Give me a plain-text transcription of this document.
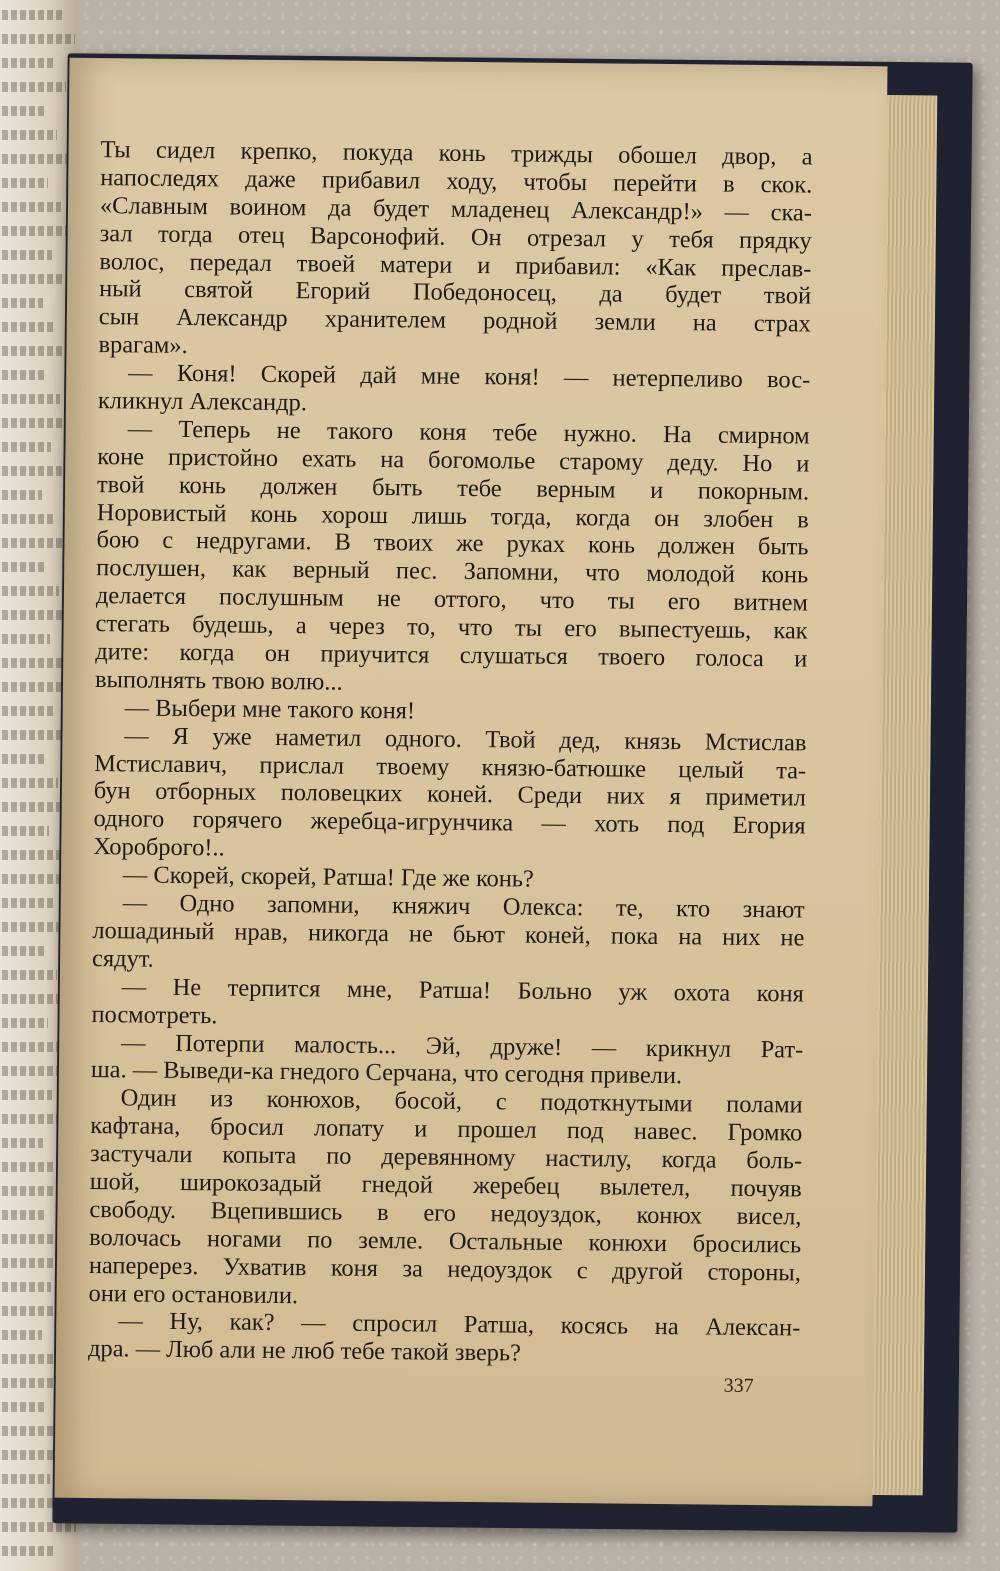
Ты сидел крепко, покуда конь трижды обошел двор, а
напоследях даже прибавил ходу, чтобы перейти в скок.
«Славным воином да будет младенец Александр!» — ска-
зал тогда отец Варсонофий. Он отрезал у тебя прядку
волос, передал твоей матери и прибавил: «Как преслав-
ный святой Егорий Победоносец, да будет твой
сын Александр хранителем родной земли на страх
врагам».
— Коня! Скорей дай мне коня! — нетерпеливо вос-
кликнул Александр.
— Теперь не такого коня тебе нужно. На смирном
коне пристойно ехать на богомолье старому деду. Но и
твой конь должен быть тебе верным и покорным.
Норовистый конь хорош лишь тогда, когда он злобен в
бою с недругами. В твоих же руках конь должен быть
послушен, как верный пес. Запомни, что молодой конь
делается послушным не оттого, что ты его витнем
стегать будешь, а через то, что ты его выпестуешь, как
дите: когда он приучится слушаться твоего голоса и
выполнять твою волю...
— Выбери мне такого коня!
— Я уже наметил одного. Твой дед, князь Мстислав
Мстиславич, прислал твоему князю-батюшке целый та-
бун отборных половецких коней. Среди них я приметил
одного горячего жеребца-игрунчика — хоть под Егория
Хороброго!..
— Скорей, скорей, Ратша! Где же конь?
— Одно запомни, княжич Олекса: те, кто знают
лошадиный нрав, никогда не бьют коней, пока на них не
сядут.
— Не терпится мне, Ратша! Больно уж охота коня
посмотреть.
— Потерпи малость... Эй, друже! — крикнул Рат-
ша. — Выведи-ка гнедого Серчана, что сегодня привели.
Один из конюхов, босой, с подоткнутыми полами
кафтана, бросил лопату и прошел под навес. Громко
застучали копыта по деревянному настилу, когда боль-
шой, широкозадый гнедой жеребец вылетел, почуяв
свободу. Вцепившись в его недоуздок, конюх висел,
волочась ногами по земле. Остальные конюхи бросились
наперерез. Ухватив коня за недоуздок с другой стороны,
они его остановили.
— Ну, как? — спросил Ратша, косясь на Алексан-
дра. — Люб али не люб тебе такой зверь?
337
